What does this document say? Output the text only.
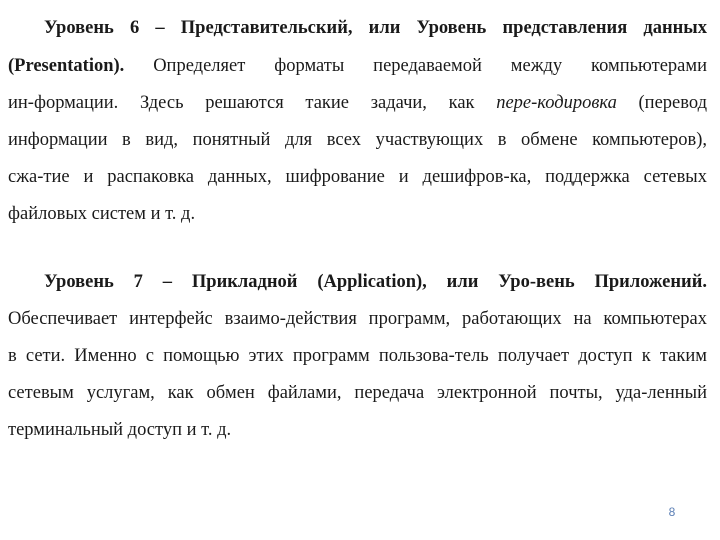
Уровень 6 – Представительский, или Уровень представления данных

(Presentation). Определяет форматы передаваемой между компьютерами

ин-формации. Здесь решаются такие задачи, как пере-кодировка (перевод

информации в вид, понятный для всех участвующих в обмене компьютеров),

сжа-тие и распаковка данных, шифрование и дешифров-ка, поддержка сетевых

файловых систем и т. д.

Уровень 7 – Прикладной (Application), или Уро-вень Приложений.

Обеспечивает интерфейс взаимо-действия программ, работающих на компьютерах

в сети. Именно с помощью этих программ пользова-тель получает доступ к таким

сетевым услугам, как обмен файлами, передача электронной почты, уда-ленный

терминальный доступ и т. д.

8
